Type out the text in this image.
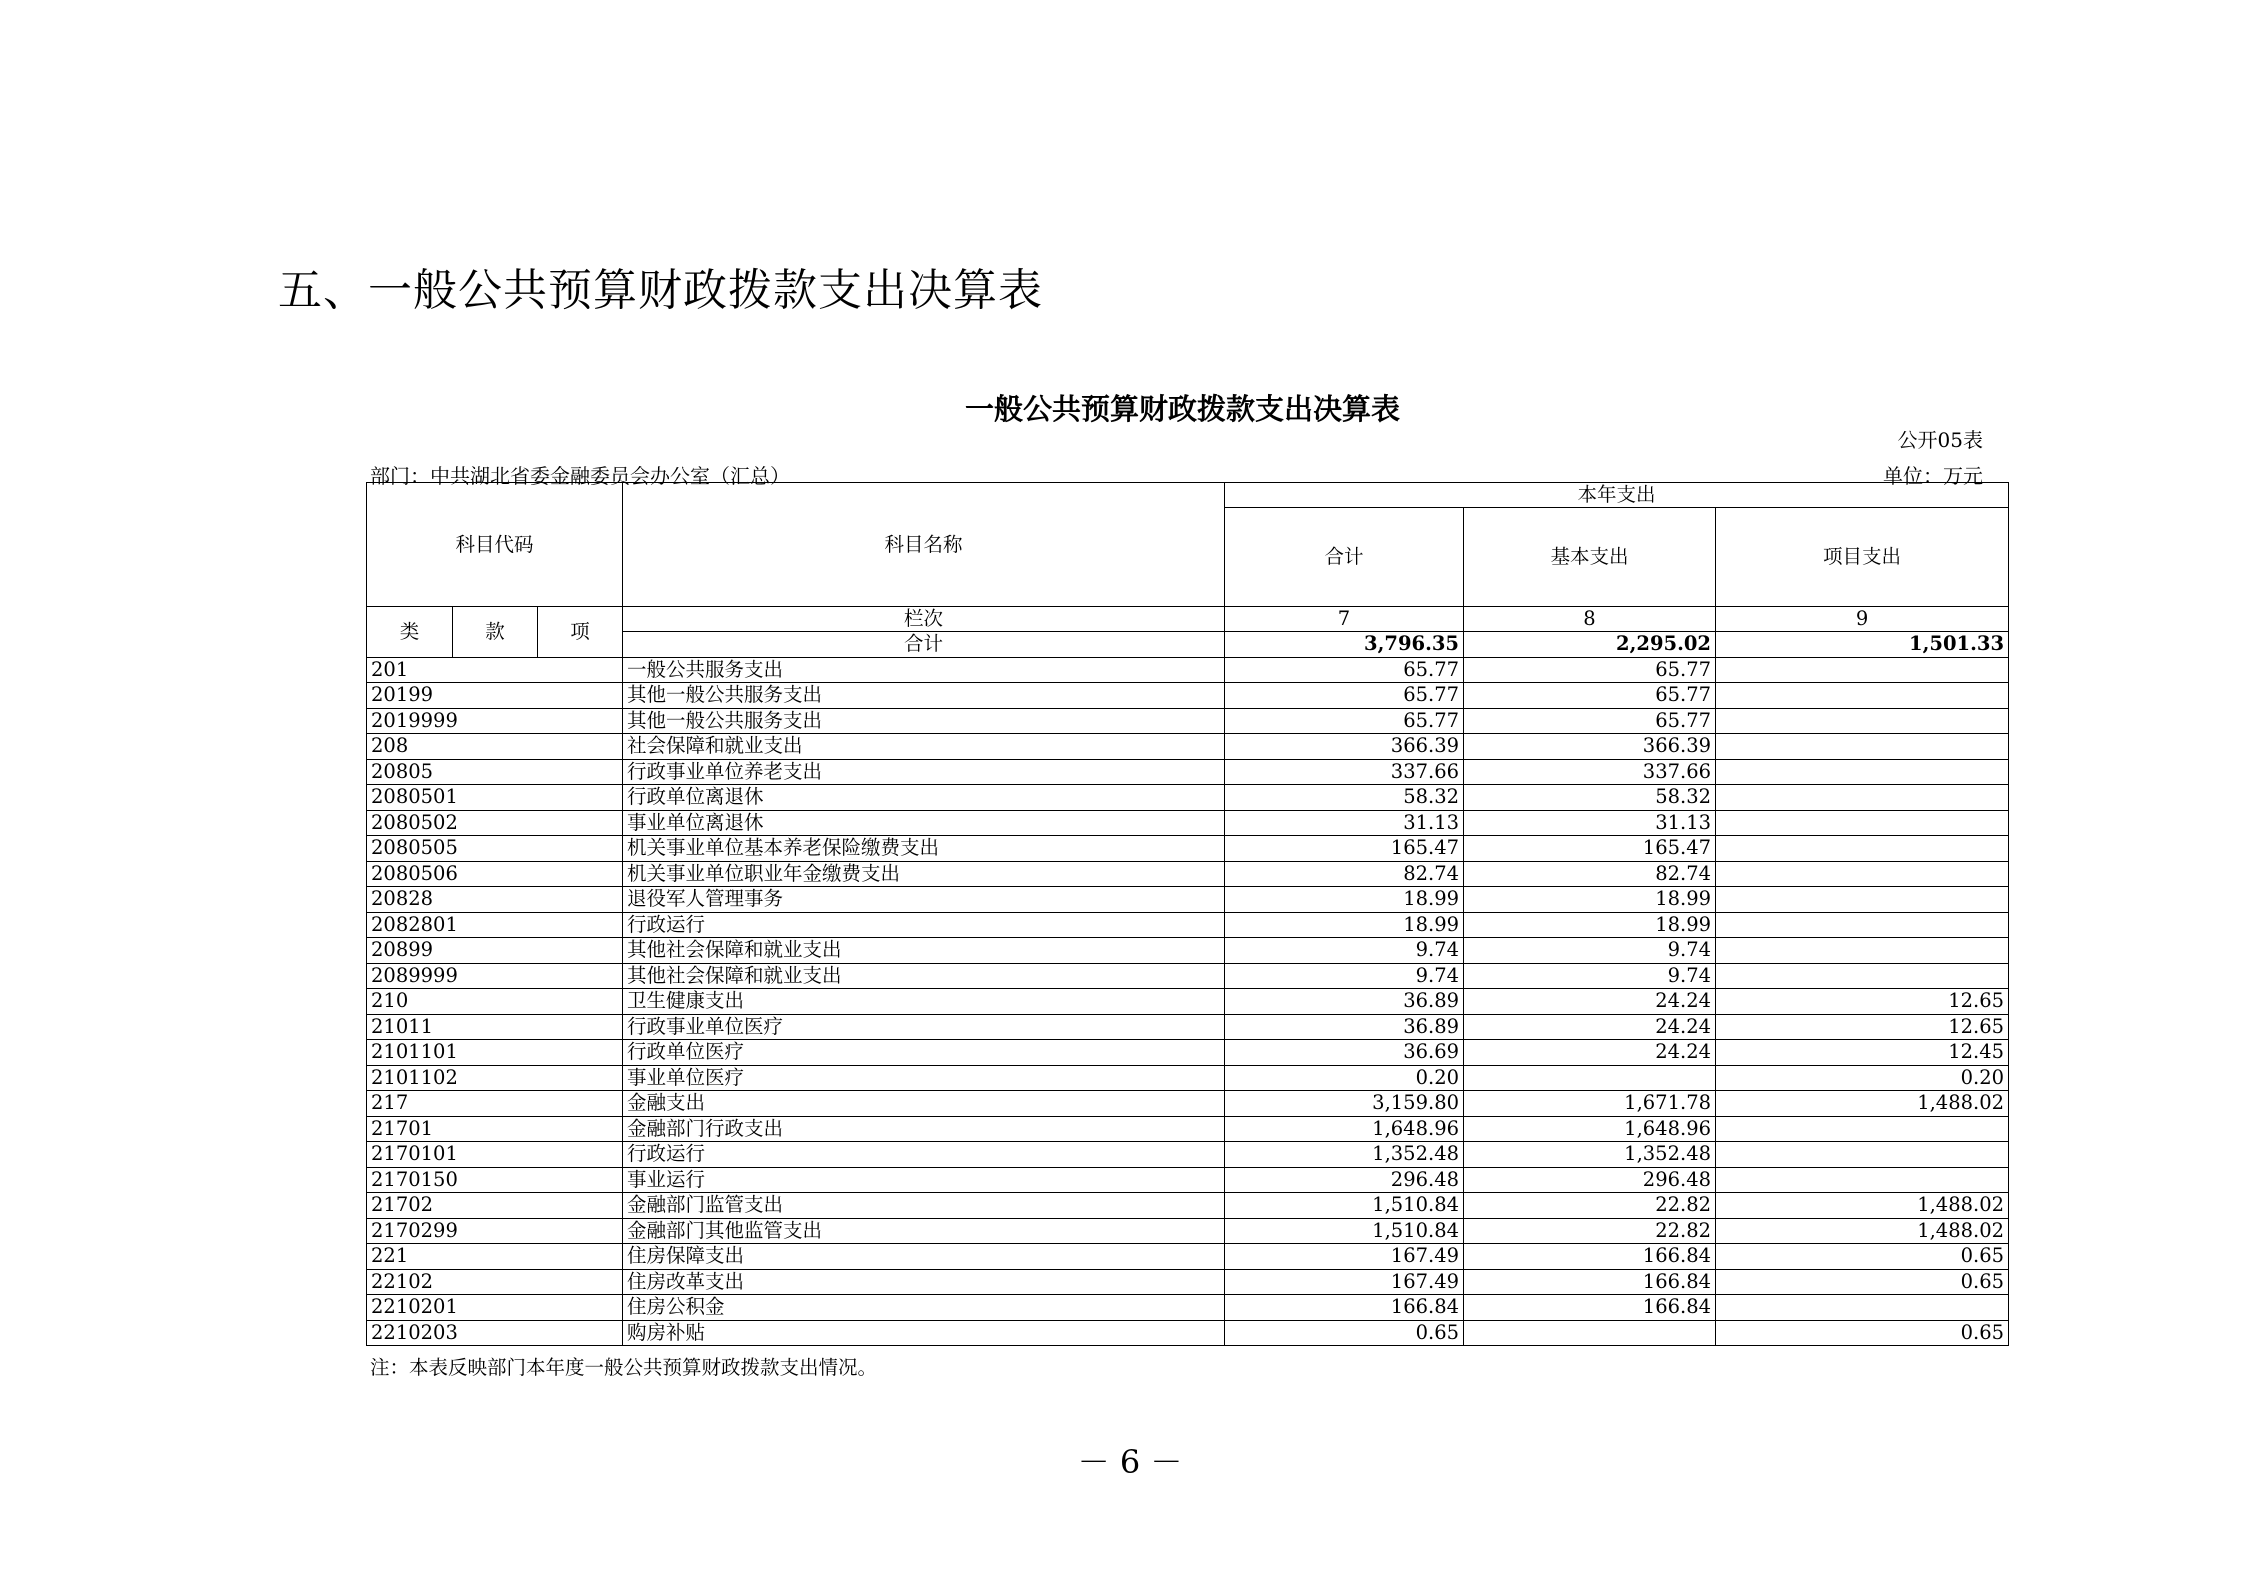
五、一般公共预算财政拨款支出决算表
一般公共预算财政拨款支出决算表
公开05表
部门：中共湖北省委金融委员会办公室（汇总）	单位：万元
科目代码			科目名称	本年支出		
				合计	基本支出	项目支出
类	款	项	栏次	7	8	9
			合计	3,796.35	2,295.02	1,501.33
201			一般公共服务支出	65.77	65.77	
20199			其他一般公共服务支出	65.77	65.77	
2019999			其他一般公共服务支出	65.77	65.77	
208			社会保障和就业支出	366.39	366.39	
20805			行政事业单位养老支出	337.66	337.66	
2080501			行政单位离退休	58.32	58.32	
2080502			事业单位离退休	31.13	31.13	
2080505			机关事业单位基本养老保险缴费支出	165.47	165.47	
2080506			机关事业单位职业年金缴费支出	82.74	82.74	
20828			退役军人管理事务	18.99	18.99	
2082801			行政运行	18.99	18.99	
20899			其他社会保障和就业支出	9.74	9.74	
2089999			其他社会保障和就业支出	9.74	9.74	
210			卫生健康支出	36.89	24.24	12.65
21011			行政事业单位医疗	36.89	24.24	12.65
2101101			行政单位医疗	36.69	24.24	12.45
2101102			事业单位医疗	0.20		0.20
217			金融支出	3,159.80	1,671.78	1,488.02
21701			金融部门行政支出	1,648.96	1,648.96	
2170101			行政运行	1,352.48	1,352.48	
2170150			事业运行	296.48	296.48	
21702			金融部门监管支出	1,510.84	22.82	1,488.02
2170299			金融部门其他监管支出	1,510.84	22.82	1,488.02
221			住房保障支出	167.49	166.84	0.65
22102			住房改革支出	167.49	166.84	0.65
2210201			住房公积金	166.84	166.84	
2210203			购房补贴	0.65		0.65
注：本表反映部门本年度一般公共预算财政拨款支出情况。
－ 6 －
